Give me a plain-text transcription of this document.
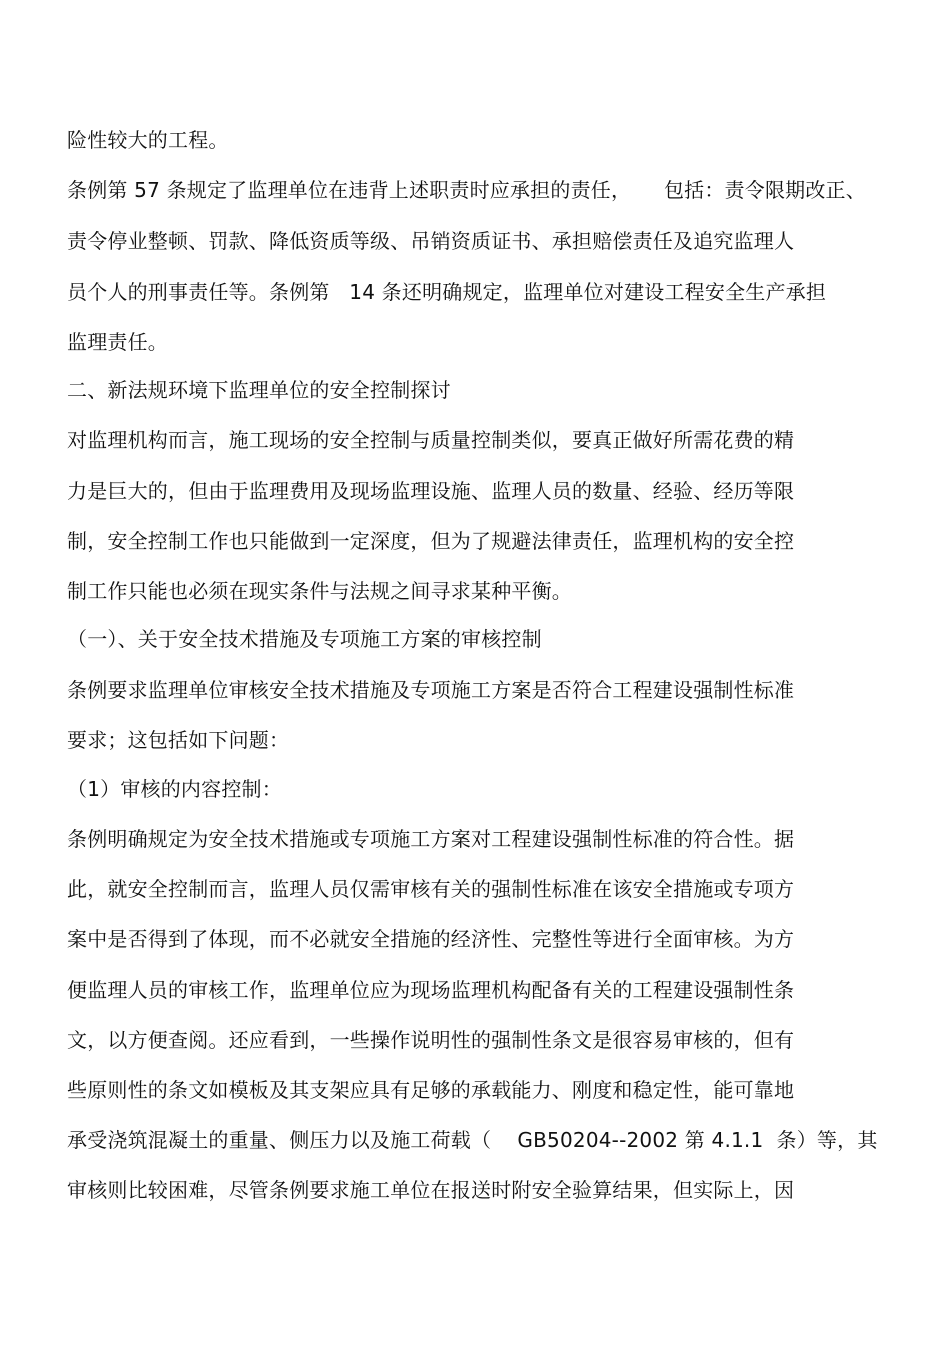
险性较大的工程。
条例第 57 条规定了监理单位在违背上述职责时应承担的责任，     包括：责令限期改正、
责令停业整顿、罚款、降低资质等级、吊销资质证书、承担赔偿责任及追究监理人
员个人的刑事责任等。条例第   14 条还明确规定，监理单位对建设工程安全生产承担
监理责任。
二、新法规环境下监理单位的安全控制探讨
对监理机构而言，施工现场的安全控制与质量控制类似，要真正做好所需花费的精
力是巨大的，但由于监理费用及现场监理设施、监理人员的数量、经验、经历等限
制，安全控制工作也只能做到一定深度，但为了规避法律责任，监理机构的安全控
制工作只能也必须在现实条件与法规之间寻求某种平衡。
（一）、关于安全技术措施及专项施工方案的审核控制
条例要求监理单位审核安全技术措施及专项施工方案是否符合工程建设强制性标准
要求；这包括如下问题：
（1）审核的内容控制：
条例明确规定为安全技术措施或专项施工方案对工程建设强制性标准的符合性。据
此，就安全控制而言，监理人员仅需审核有关的强制性标准在该安全措施或专项方
案中是否得到了体现，而不必就安全措施的经济性、完整性等进行全面审核。为方
便监理人员的审核工作，监理单位应为现场监理机构配备有关的工程建设强制性条
文，以方便查阅。还应看到，一些操作说明性的强制性条文是很容易审核的，但有
些原则性的条文如模板及其支架应具有足够的承载能力、刚度和稳定性，能可靠地
承受浇筑混凝土的重量、侧压力以及施工荷载（    GB50204--2002 第 4.1.1  条）等，其
审核则比较困难，尽管条例要求施工单位在报送时附安全验算结果，但实际上，因
